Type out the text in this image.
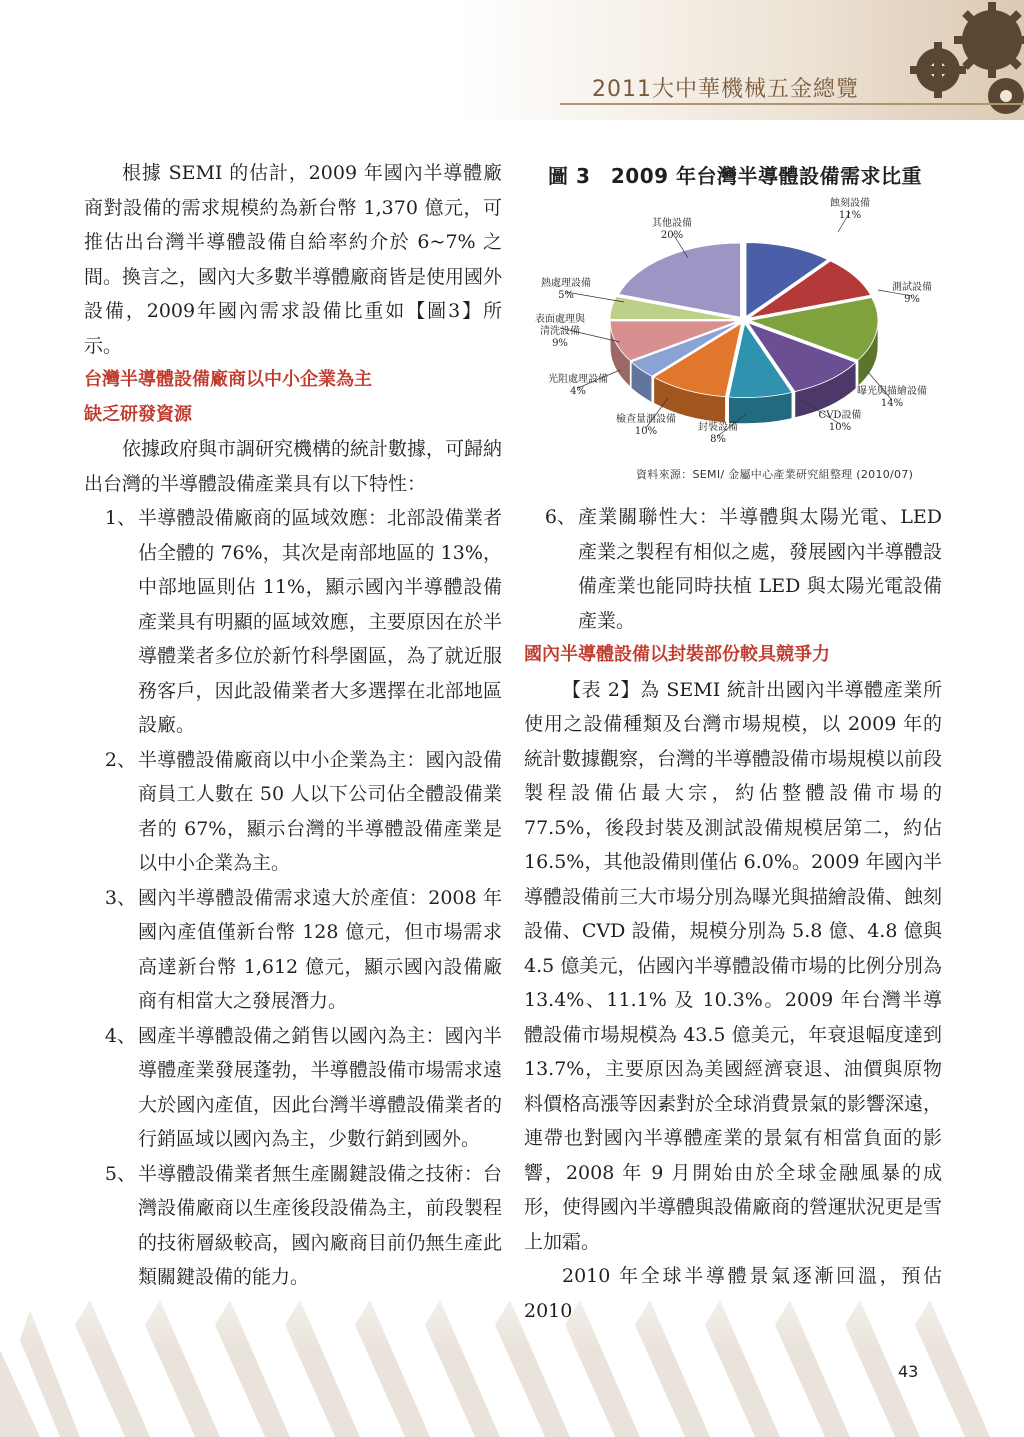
2011大中華機械五金總覽

根據 SEMI 的估計，2009 年國內半導體廠商對設備的需求規模約為新台幣 1,370 億元，可推估出台灣半導體設備自給率約介於 6~7% 之間。換言之，國內大多數半導體廠商皆是使用國外設備，2009年國內需求設備比重如【圖3】所示。

台灣半導體設備廠商以中小企業為主

缺乏研發資源

依據政府與市調研究機構的統計數據，可歸納出台灣的半導體設備產業具有以下特性：

1、 半導體設備廠商的區域效應：北部設備業者佔全體的 76%，其次是南部地區的 13%，中部地區則佔 11%，顯示國內半導體設備產業具有明顯的區域效應，主要原因在於半導體業者多位於新竹科學園區，為了就近服務客戶，因此設備業者大多選擇在北部地區設廠。
2、 半導體設備廠商以中小企業為主：國內設備商員工人數在 50 人以下公司佔全體設備業者的 67%，顯示台灣的半導體設備產業是以中小企業為主。
3、 國內半導體設備需求遠大於產值：2008 年國內產值僅新台幣 128 億元，但市場需求高達新台幣 1,612 億元，顯示國內設備廠商有相當大之發展潛力。
4、 國產半導體設備之銷售以國內為主：國內半導體產業發展蓬勃，半導體設備市場需求遠大於國內產值，因此台灣半導體設備業者的行銷區域以國內為主，少數行銷到國外。
5、 半導體設備業者無生產關鍵設備之技術：台灣設備廠商以生產後段設備為主，前段製程的技術層級較高，國內廠商目前仍無生產此類關鍵設備的能力。
圖 3　2009 年台灣半導體設備需求比重
蝕刻設備
11%
測試設備
9%
曝光與描繪設備
14%
CVD設備
10%
封裝設備
8%
檢查量測設備
10%
光阻處理設備
4%
表面處理與
清洗設備
9%
熱處理設備
5%
其他設備
20%
資料來源：SEMI/ 金屬中心產業研究組整理 (2010/07)
6、 產業關聯性大：半導體與太陽光電、LED 產業之製程有相似之處，發展國內半導體設備產業也能同時扶植 LED 與太陽光電設備產業。

國內半導體設備以封裝部份較具競爭力

【表 2】為 SEMI 統計出國內半導體產業所使用之設備種類及台灣市場規模，以 2009 年的統計數據觀察，台灣的半導體設備市場規模以前段製程設備佔最大宗，約佔整體設備市場的 77.5%，後段封裝及測試設備規模居第二，約佔 16.5%，其他設備則僅佔 6.0%。2009 年國內半導體設備前三大市場分別為曝光與描繪設備、蝕刻設備、CVD 設備，規模分別為 5.8 億、4.8 億與 4.5 億美元，佔國內半導體設備市場的比例分別為 13.4%、11.1% 及 10.3%。2009 年台灣半導體設備市場規模為 43.5 億美元，年衰退幅度達到 13.7%，主要原因為美國經濟衰退、油價與原物料價格高漲等因素對於全球消費景氣的影響深遠，連帶也對國內半導體產業的景氣有相當負面的影響，2008 年 9 月開始由於全球金融風暴的成形，使得國內半導體與設備廠商的營運狀況更是雪上加霜。

2010 年全球半導體景氣逐漸回溫，預估 2010

43
